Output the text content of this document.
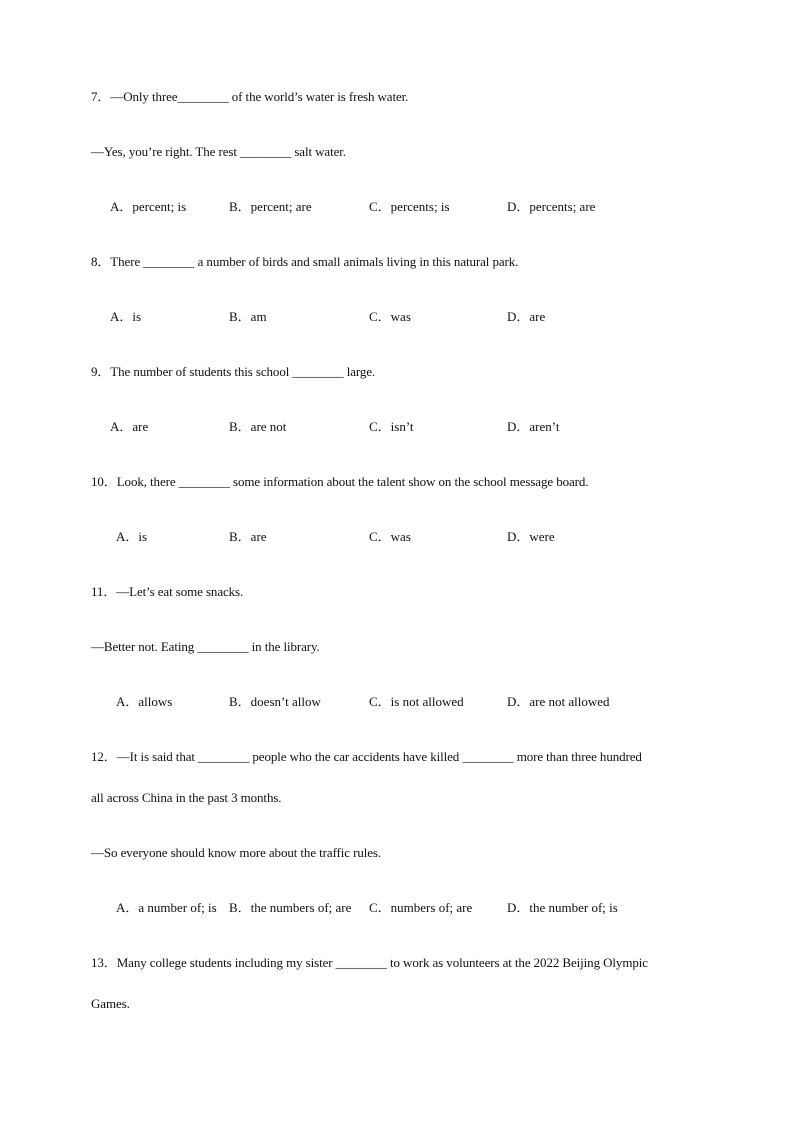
7．—Only three________ of the world’s water is fresh water.
—Yes, you’re right. The rest ________ salt water.
A．percent; is	B．percent; are	C．percents; is	D．percents; are
8．There ________ a number of birds and small animals living in this natural park.
A．is	B．am	C．was	D．are
9．The number of students this school ________ large.
A．are	B．are not	C．isn’t	D．aren’t
10．Look, there ________ some information about the talent show on the school message board.
A．is	B．are	C．was	D．were
11．—Let’s eat some snacks.
—Better not. Eating ________ in the library.
A．allows	B．doesn’t allow	C．is not allowed	D．are not allowed
12．—It is said that ________ people who the car accidents have killed ________ more than three hundred
all across China in the past 3 months.
—So everyone should know more about the traffic rules.
A．a number of; is B．the numbers of; are C．numbers of; are	D．the number of; is
13．Many college students including my sister ________ to work as volunteers at the 2022 Beijing Olympic
Games.
